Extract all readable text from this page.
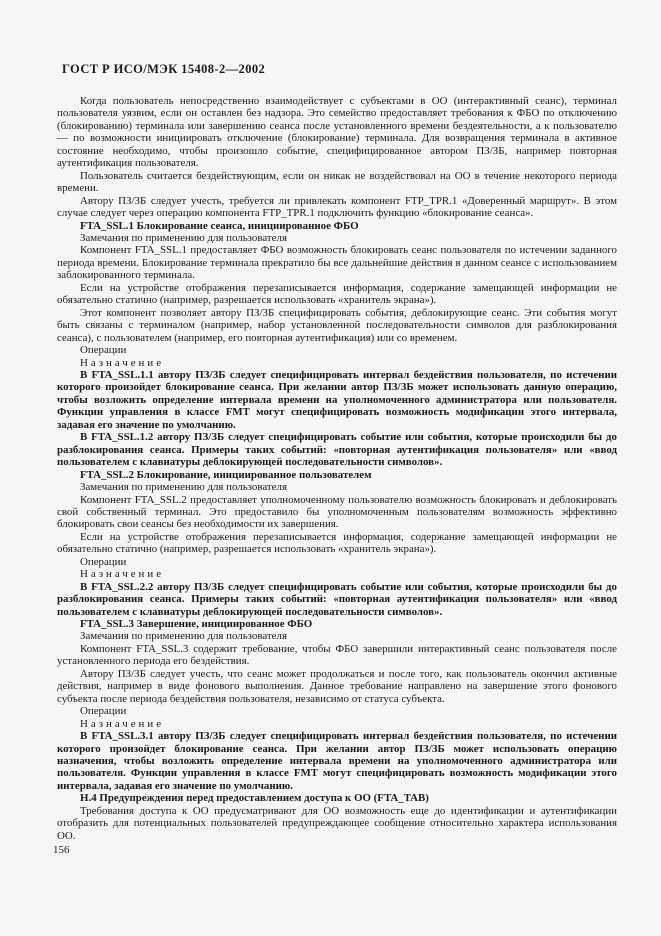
ГОСТ Р ИСО/МЭК 15408-2—2002

Когда пользователь непосредственно взаимодействует с субъектами в ОО (интерактивный сеанс), терминал пользователя уязвим, если он оставлен без надзора. Это семейство предоставляет требования к ФБО по отключению (блокированию) терминала или завершению сеанса после установленного времени бездеятельности, а к пользователю — по возможности инициировать отключение (блокирование) терминала. Для возвращения терминала в активное состояние необходимо, чтобы произошло событие, специфицированное автором ПЗ/ЗБ, например повторная аутентификация пользователя.

Пользователь считается бездействующим, если он никак не воздействовал на ОО в течение некоторого периода времени.

Автору ПЗ/ЗБ следует учесть, требуется ли привлекать компонент FTP_TPR.1 «Доверенный маршрут». В этом случае следует через операцию компонента FTP_TPR.1 подключить функцию «блокирование сеанса».

FTA_SSL.1 Блокирование сеанса, инициированное ФБО

Замечания по применению для пользователя

Компонент FTA_SSL.1 предоставляет ФБО возможность блокировать сеанс пользователя по истечении заданного периода времени. Блокирование терминала прекратило бы все дальнейшие действия в данном сеансе с использованием заблокированного терминала.

Если на устройстве отображения перезаписывается информация, содержание замещающей информации не обязательно статично (например, разрешается использовать «хранитель экрана»).

Этот компонент позволяет автору ПЗ/ЗБ специфицировать события, деблокирующие сеанс. Эти события могут быть связаны с терминалом (например, набор установленной последовательности символов для разблокирования сеанса), с пользователем (например, его повторная аутентификация) или со временем.

Операции

Назначение

В FTA_SSL.1.1 автору ПЗ/ЗБ следует специфицировать интервал бездействия пользователя, по истечении которого произойдет блокирование сеанса. При желании автор ПЗ/ЗБ может использовать данную операцию, чтобы возложить определение интервала времени на уполномоченного администратора или пользователя. Функции управления в классе FMT могут специфицировать возможность модификации этого интервала, задавая его значение по умолчанию.

В FTA_SSL.1.2 автору ПЗ/ЗБ следует специфицировать событие или события, которые происходили бы до разблокирования сеанса. Примеры таких событий: «повторная аутентификация пользователя» или «ввод пользователем с клавиатуры деблокирующей последовательности символов».

FTA_SSL.2 Блокирование, инициированное пользователем

Замечания по применению для пользователя

Компонент FTA_SSL.2 предоставляет уполномоченному пользователю возможность блокировать и деблокировать свой собственный терминал. Это предоставило бы уполномоченным пользователям возможность эффективно блокировать свои сеансы без необходимости их завершения.

Если на устройстве отображения перезаписывается информация, содержание замещающей информации не обязательно статично (например, разрешается использовать «хранитель экрана»).

Операции

Назначение

В FTA_SSL.2.2 автору ПЗ/ЗБ следует специфицировать событие или события, которые происходили бы до разблокирования сеанса. Примеры таких событий: «повторная аутентификация пользователя» или «ввод пользователем с клавиатуры деблокирующей последовательности символов».

FTA_SSL.3 Завершение, инициированное ФБО

Замечания по применению для пользователя

Компонент FTA_SSL.3 содержит требование, чтобы ФБО завершили интерактивный сеанс пользователя после установленного периода его бездействия.

Автору ПЗ/ЗБ следует учесть, что сеанс может продолжаться и после того, как пользователь окончил активные действия, например в виде фонового выполнения. Данное требование направлено на завершение этого фонового субъекта после периода бездействия пользователя, независимо от статуса субъекта.

Операции

Назначение

В FTA_SSL.3.1 автору ПЗ/ЗБ следует специфицировать интервал бездействия пользователя, по истечении которого произойдет блокирование сеанса. При желании автор ПЗ/ЗБ может использовать операцию назначения, чтобы возложить определение интервала времени на уполномоченного администратора или пользователя. Функции управления в классе FMT могут специфицировать возможность модификации этого интервала, задавая его значение по умолчанию.

Н.4 Предупреждения перед предоставлением доступа к ОО (FTA_TAB)

Требования доступа к ОО предусматривают для ОО возможность еще до идентификации и аутентификации отобразить для потенциальных пользователей предупреждающее сообщение относительно характера использования ОО.

156
